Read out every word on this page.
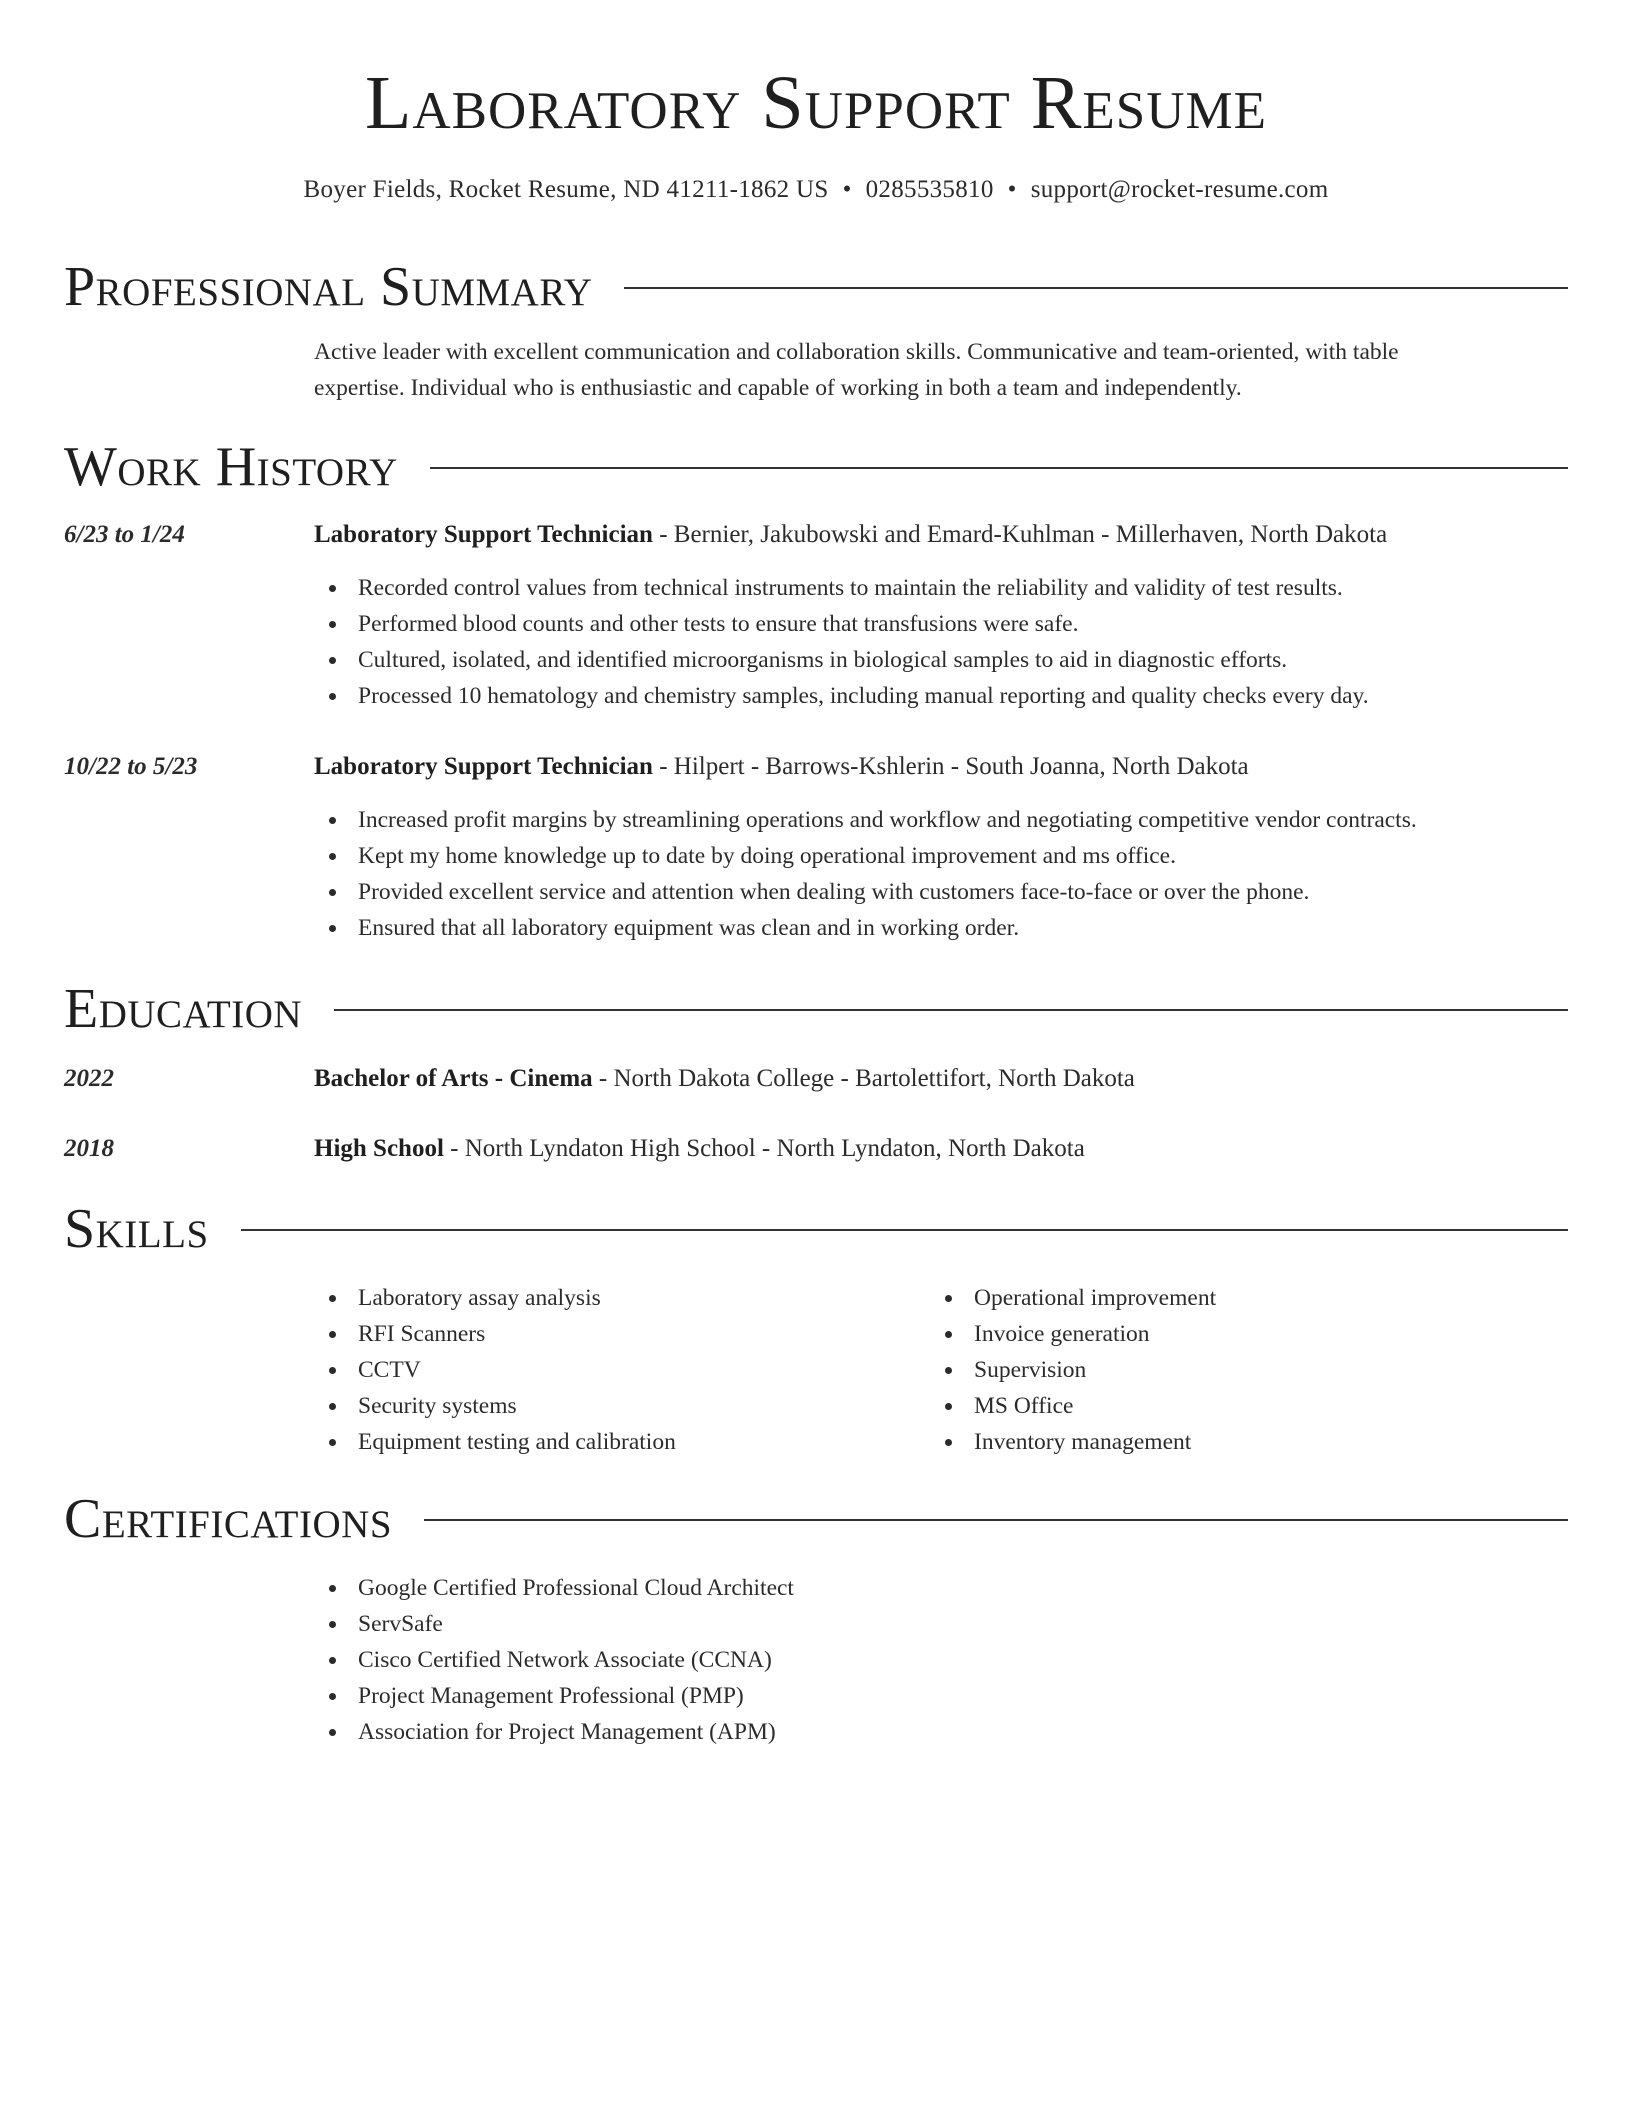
Laboratory Support Resume
Boyer Fields, Rocket Resume, ND 41211-1862 US • 0285535810 • support@rocket-resume.com
Professional Summary
Active leader with excellent communication and collaboration skills. Communicative and team-oriented, with table
expertise. Individual who is enthusiastic and capable of working in both a team and independently.
Work History
6/23 to 1/24	Laboratory Support Technician - Bernier, Jakubowski and Emard-Kuhlman - Millerhaven, North Dakota
Recorded control values from technical instruments to maintain the reliability and validity of test results.
Performed blood counts and other tests to ensure that transfusions were safe.
Cultured, isolated, and identified microorganisms in biological samples to aid in diagnostic efforts.
Processed 10 hematology and chemistry samples, including manual reporting and quality checks every day.
10/22 to 5/23	Laboratory Support Technician - Hilpert - Barrows-Kshlerin - South Joanna, North Dakota
Increased profit margins by streamlining operations and workflow and negotiating competitive vendor contracts.
Kept my home knowledge up to date by doing operational improvement and ms office.
Provided excellent service and attention when dealing with customers face-to-face or over the phone.
Ensured that all laboratory equipment was clean and in working order.
Education
2022	Bachelor of Arts - Cinema - North Dakota College - Bartolettifort, North Dakota
2018	High School - North Lyndaton High School - North Lyndaton, North Dakota
Skills
Laboratory assay analysis
RFI Scanners
CCTV
Security systems
Equipment testing and calibration
Operational improvement
Invoice generation
Supervision
MS Office
Inventory management
Certifications
Google Certified Professional Cloud Architect
ServSafe
Cisco Certified Network Associate (CCNA)
Project Management Professional (PMP)
Association for Project Management (APM)
